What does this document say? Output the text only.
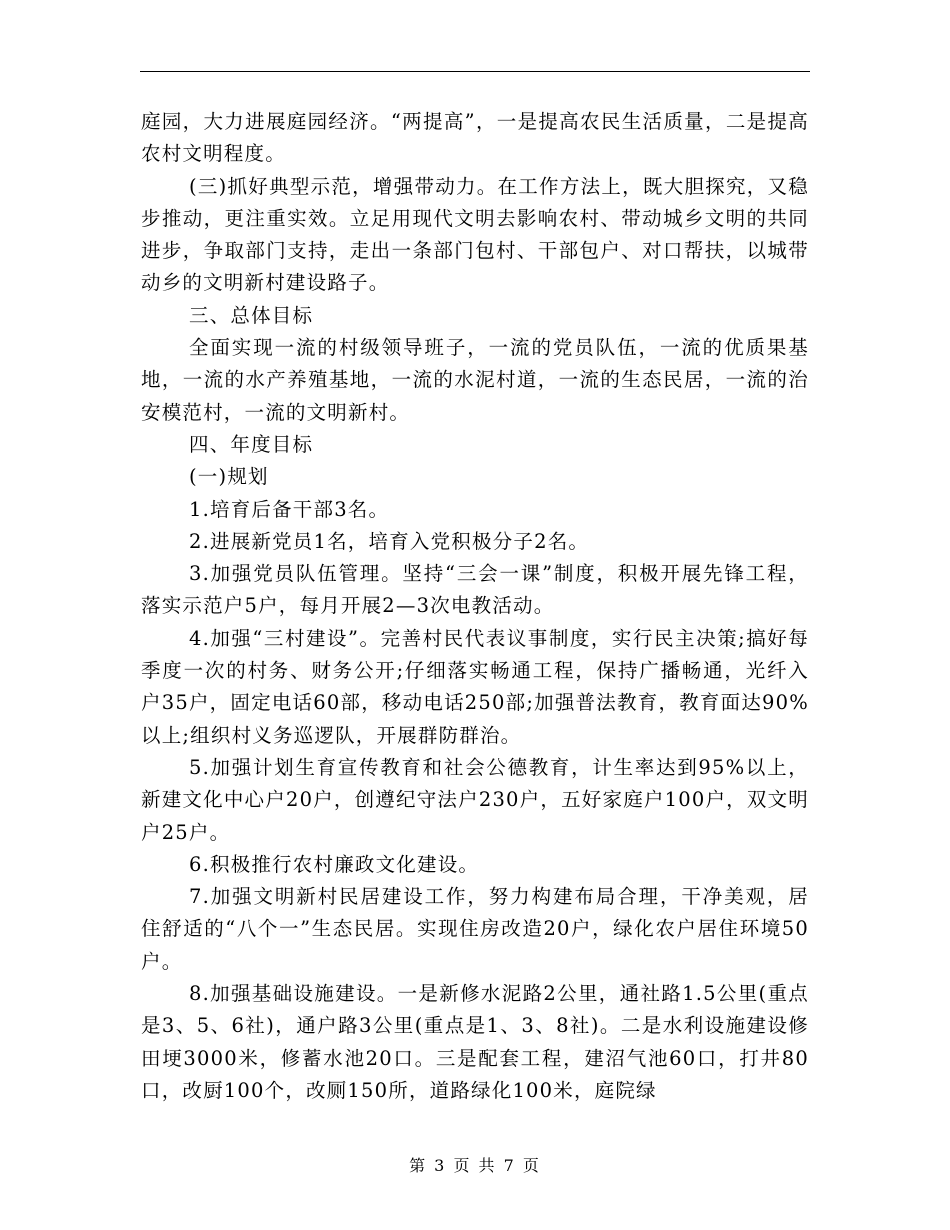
庭园，大力进展庭园经济。“两提高”，一是提高农民生活质量，二是提高农村文明程度。

(三)抓好典型示范，增强带动力。在工作方法上，既大胆探究，又稳步推动，更注重实效。立足用现代文明去影响农村、带动城乡文明的共同进步，争取部门支持，走出一条部门包村、干部包户、对口帮扶，以城带动乡的文明新村建设路子。

三、总体目标

全面实现一流的村级领导班子，一流的党员队伍，一流的优质果基地，一流的水产养殖基地，一流的水泥村道，一流的生态民居，一流的治安模范村，一流的文明新村。

四、年度目标

(一)规划

1.培育后备干部3名。

2.进展新党员1名，培育入党积极分子2名。

3.加强党员队伍管理。坚持“三会一课”制度，积极开展先锋工程，落实示范户5户，每月开展2—3次电教活动。

4.加强“三村建设”。完善村民代表议事制度，实行民主决策;搞好每季度一次的村务、财务公开;仔细落实畅通工程，保持广播畅通，光纤入户35户，固定电话60部，移动电话250部;加强普法教育，教育面达90%以上;组织村义务巡逻队，开展群防群治。

5.加强计划生育宣传教育和社会公德教育，计生率达到95%以上，新建文化中心户20户，创遵纪守法户230户，五好家庭户100户，双文明户25户。

6.积极推行农村廉政文化建设。

7.加强文明新村民居建设工作，努力构建布局合理，干净美观，居住舒适的“八个一”生态民居。实现住房改造20户，绿化农户居住环境50户。

8.加强基础设施建设。一是新修水泥路2公里，通社路1.5公里(重点是3、5、6社)，通户路3公里(重点是1、3、8社)。二是水利设施建设修田埂3000米，修蓄水池20口。三是配套工程，建沼气池60口，打井80口，改厨100个，改厕150所，道路绿化100米，庭院绿

第 3 页 共 7 页
